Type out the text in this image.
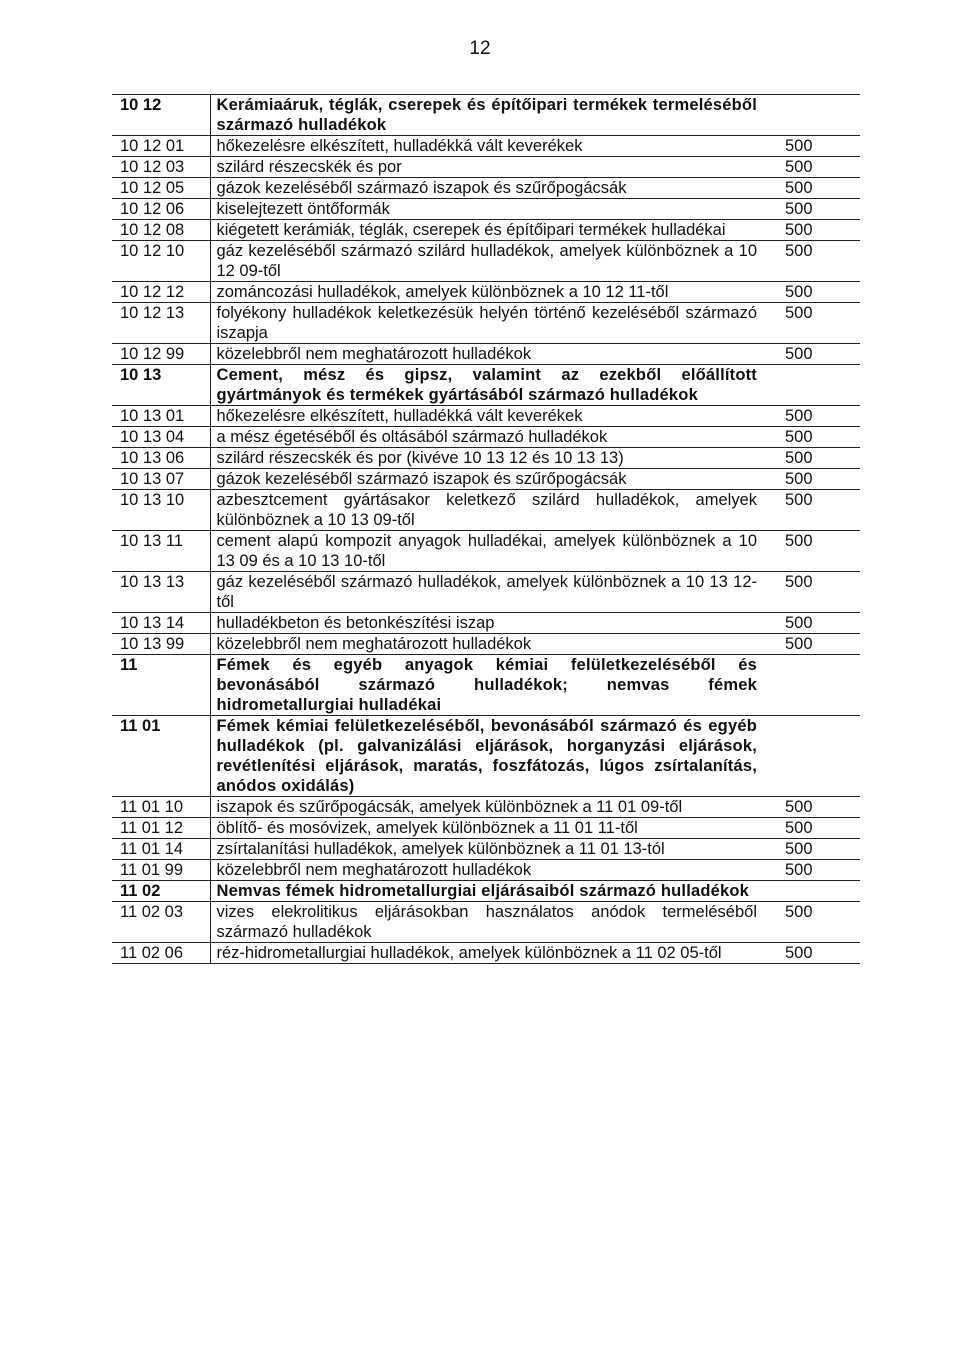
12
10 12	Kerámiaáruk, téglák, cserepek és építőipari termékek termeléséből származó hulladékok	
10 12 01	hőkezelésre elkészített, hulladékká vált keverékek	500
10 12 03	szilárd részecskék és por	500
10 12 05	gázok kezeléséből származó iszapok és szűrőpogácsák	500
10 12 06	kiselejtezett öntőformák	500
10 12 08	kiégetett kerámiák, téglák, cserepek és építőipari termékek hulladékai	500
10 12 10	gáz kezeléséből származó szilárd hulladékok, amelyek különböznek a 10 12 09-től	500
10 12 12	zománcozási hulladékok, amelyek különböznek a 10 12 11-től	500
10 12 13	folyékony hulladékok keletkezésük helyén történő kezeléséből származó iszapja	500
10 12 99	közelebbről nem meghatározott hulladékok	500
10 13	Cement, mész és gipsz, valamint az ezekből előállított gyártmányok és termékek gyártásából származó hulladékok	
10 13 01	hőkezelésre elkészített, hulladékká vált keverékek	500
10 13 04	a mész égetéséből és oltásából származó hulladékok	500
10 13 06	szilárd részecskék és por (kivéve 10 13 12 és 10 13 13)	500
10 13 07	gázok kezeléséből származó iszapok és szűrőpogácsák	500
10 13 10	azbesztcement gyártásakor keletkező szilárd hulladékok, amelyek különböznek a 10 13 09-től	500
10 13 11	cement alapú kompozit anyagok hulladékai, amelyek különböznek a 10 13 09 és a 10 13 10-től	500
10 13 13	gáz kezeléséből származó hulladékok, amelyek különböznek a 10 13 12-től	500
10 13 14	hulladékbeton és betonkészítési iszap	500
10 13 99	közelebbről nem meghatározott hulladékok	500
11	Fémek és egyéb anyagok kémiai felületkezeléséből és bevonásából származó hulladékok; nemvas fémek hidrometallurgiai hulladékai	
11 01	Fémek kémiai felületkezeléséből, bevonásából származó és egyéb hulladékok (pl. galvanizálási eljárások, horganyzási eljárások, revétlenítési eljárások, maratás, foszfátozás, lúgos zsírtalanítás, anódos oxidálás)	
11 01 10	iszapok és szűrőpogácsák, amelyek különböznek a 11 01 09-től	500
11 01 12	öblítő- és mosóvizek, amelyek különböznek a 11 01 11-től	500
11 01 14	zsírtalanítási hulladékok, amelyek különböznek a 11 01 13-tól	500
11 01 99	közelebbről nem meghatározott hulladékok	500
11 02	Nemvas fémek hidrometallurgiai eljárásaiból származó hulladékok	
11 02 03	vizes elekrolitikus eljárásokban használatos anódok termeléséből származó hulladékok	500
11 02 06	réz-hidrometallurgiai hulladékok, amelyek különböznek a 11 02 05-től	500
